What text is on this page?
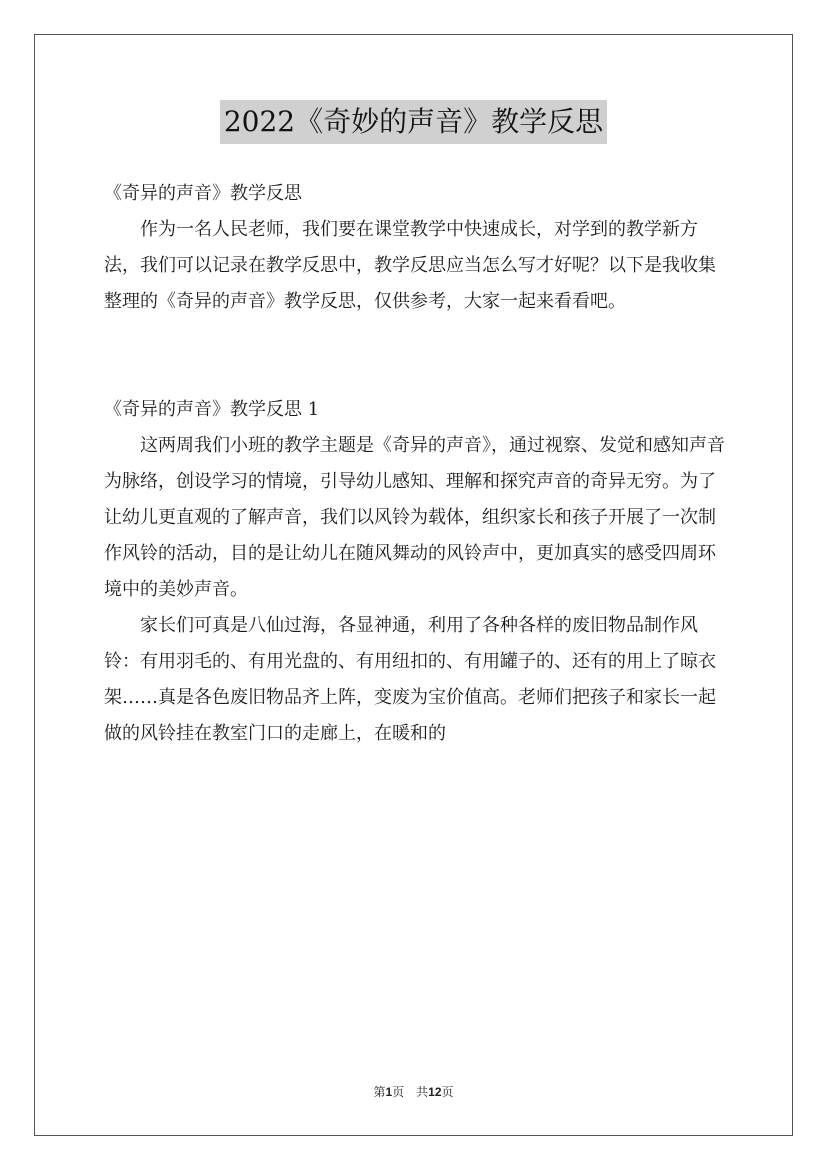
2022《奇妙的声音》教学反思

《奇异的声音》教学反思

作为一名人民老师，我们要在课堂教学中快速成长，对学到的教学新方法，我们可以记录在教学反思中，教学反思应当怎么写才好呢？以下是我收集整理的《奇异的声音》教学反思，仅供参考，大家一起来看看吧。

《奇异的声音》教学反思 1

这两周我们小班的教学主题是《奇异的声音》，通过视察、发觉和感知声音为脉络，创设学习的情境，引导幼儿感知、理解和探究声音的奇异无穷。为了让幼儿更直观的了解声音，我们以风铃为载体，组织家长和孩子开展了一次制作风铃的活动，目的是让幼儿在随风舞动的风铃声中，更加真实的感受四周环境中的美妙声音。

家长们可真是八仙过海，各显神通，利用了各种各样的废旧物品制作风铃：有用羽毛的、有用光盘的、有用纽扣的、有用罐子的、还有的用上了晾衣架……真是各色废旧物品齐上阵，变废为宝价值高。老师们把孩子和家长一起做的风铃挂在教室门口的走廊上，在暖和的

第1页　共12页
